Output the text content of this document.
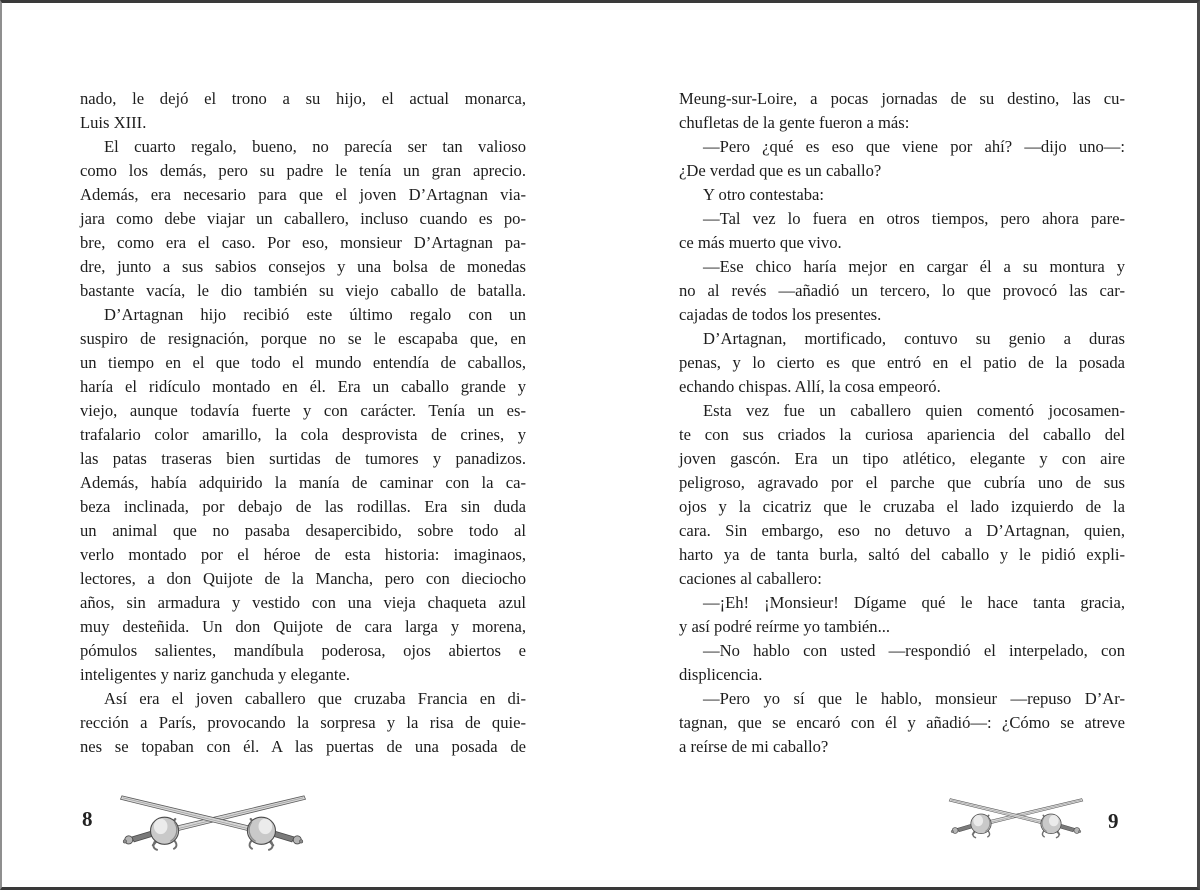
nado, le dejó el trono a su hijo, el actual monarca,
Luis XIII.
El cuarto regalo, bueno, no parecía ser tan valioso
como los demás, pero su padre le tenía un gran aprecio.
Además, era necesario para que el joven D’Artagnan via-
jara como debe viajar un caballero, incluso cuando es po-
bre, como era el caso. Por eso, monsieur D’Artagnan pa-
dre, junto a sus sabios consejos y una bolsa de monedas
bastante vacía, le dio también su viejo caballo de batalla.
D’Artagnan hijo recibió este último regalo con un
suspiro de resignación, porque no se le escapaba que, en
un tiempo en el que todo el mundo entendía de caballos,
haría el ridículo montado en él. Era un caballo grande y
viejo, aunque todavía fuerte y con carácter. Tenía un es-
trafalario color amarillo, la cola desprovista de crines, y
las patas traseras bien surtidas de tumores y panadizos.
Además, había adquirido la manía de caminar con la ca-
beza inclinada, por debajo de las rodillas. Era sin duda
un animal que no pasaba desapercibido, sobre todo al
verlo montado por el héroe de esta historia: imaginaos,
lectores, a don Quijote de la Mancha, pero con dieciocho
años, sin armadura y vestido con una vieja chaqueta azul
muy desteñida. Un don Quijote de cara larga y morena,
pómulos salientes, mandíbula poderosa, ojos abiertos e
inteligentes y nariz ganchuda y elegante.
Así era el joven caballero que cruzaba Francia en di-
rección a París, provocando la sorpresa y la risa de quie-
nes se topaban con él. A las puertas de una posada de
Meung-sur-Loire, a pocas jornadas de su destino, las cu-
chufletas de la gente fueron a más:
—Pero ¿qué es eso que viene por ahí? —dijo uno—:
¿De verdad que es un caballo?
Y otro contestaba:
—Tal vez lo fuera en otros tiempos, pero ahora pare-
ce más muerto que vivo.
—Ese chico haría mejor en cargar él a su montura y
no al revés —añadió un tercero, lo que provocó las car-
cajadas de todos los presentes.
D’Artagnan, mortificado, contuvo su genio a duras
penas, y lo cierto es que entró en el patio de la posada
echando chispas. Allí, la cosa empeoró.
Esta vez fue un caballero quien comentó jocosamen-
te con sus criados la curiosa apariencia del caballo del
joven gascón. Era un tipo atlético, elegante y con aire
peligroso, agravado por el parche que cubría uno de sus
ojos y la cicatriz que le cruzaba el lado izquierdo de la
cara. Sin embargo, eso no detuvo a D’Artagnan, quien,
harto ya de tanta burla, saltó del caballo y le pidió expli-
caciones al caballero:
—¡Eh! ¡Monsieur! Dígame qué le hace tanta gracia,
y así podré reírme yo también...
—No hablo con usted —respondió el interpelado, con
displicencia.
—Pero yo sí que le hablo, monsieur —repuso D’Ar-
tagnan, que se encaró con él y añadió—: ¿Cómo se atreve
a reírse de mi caballo?
8	9
